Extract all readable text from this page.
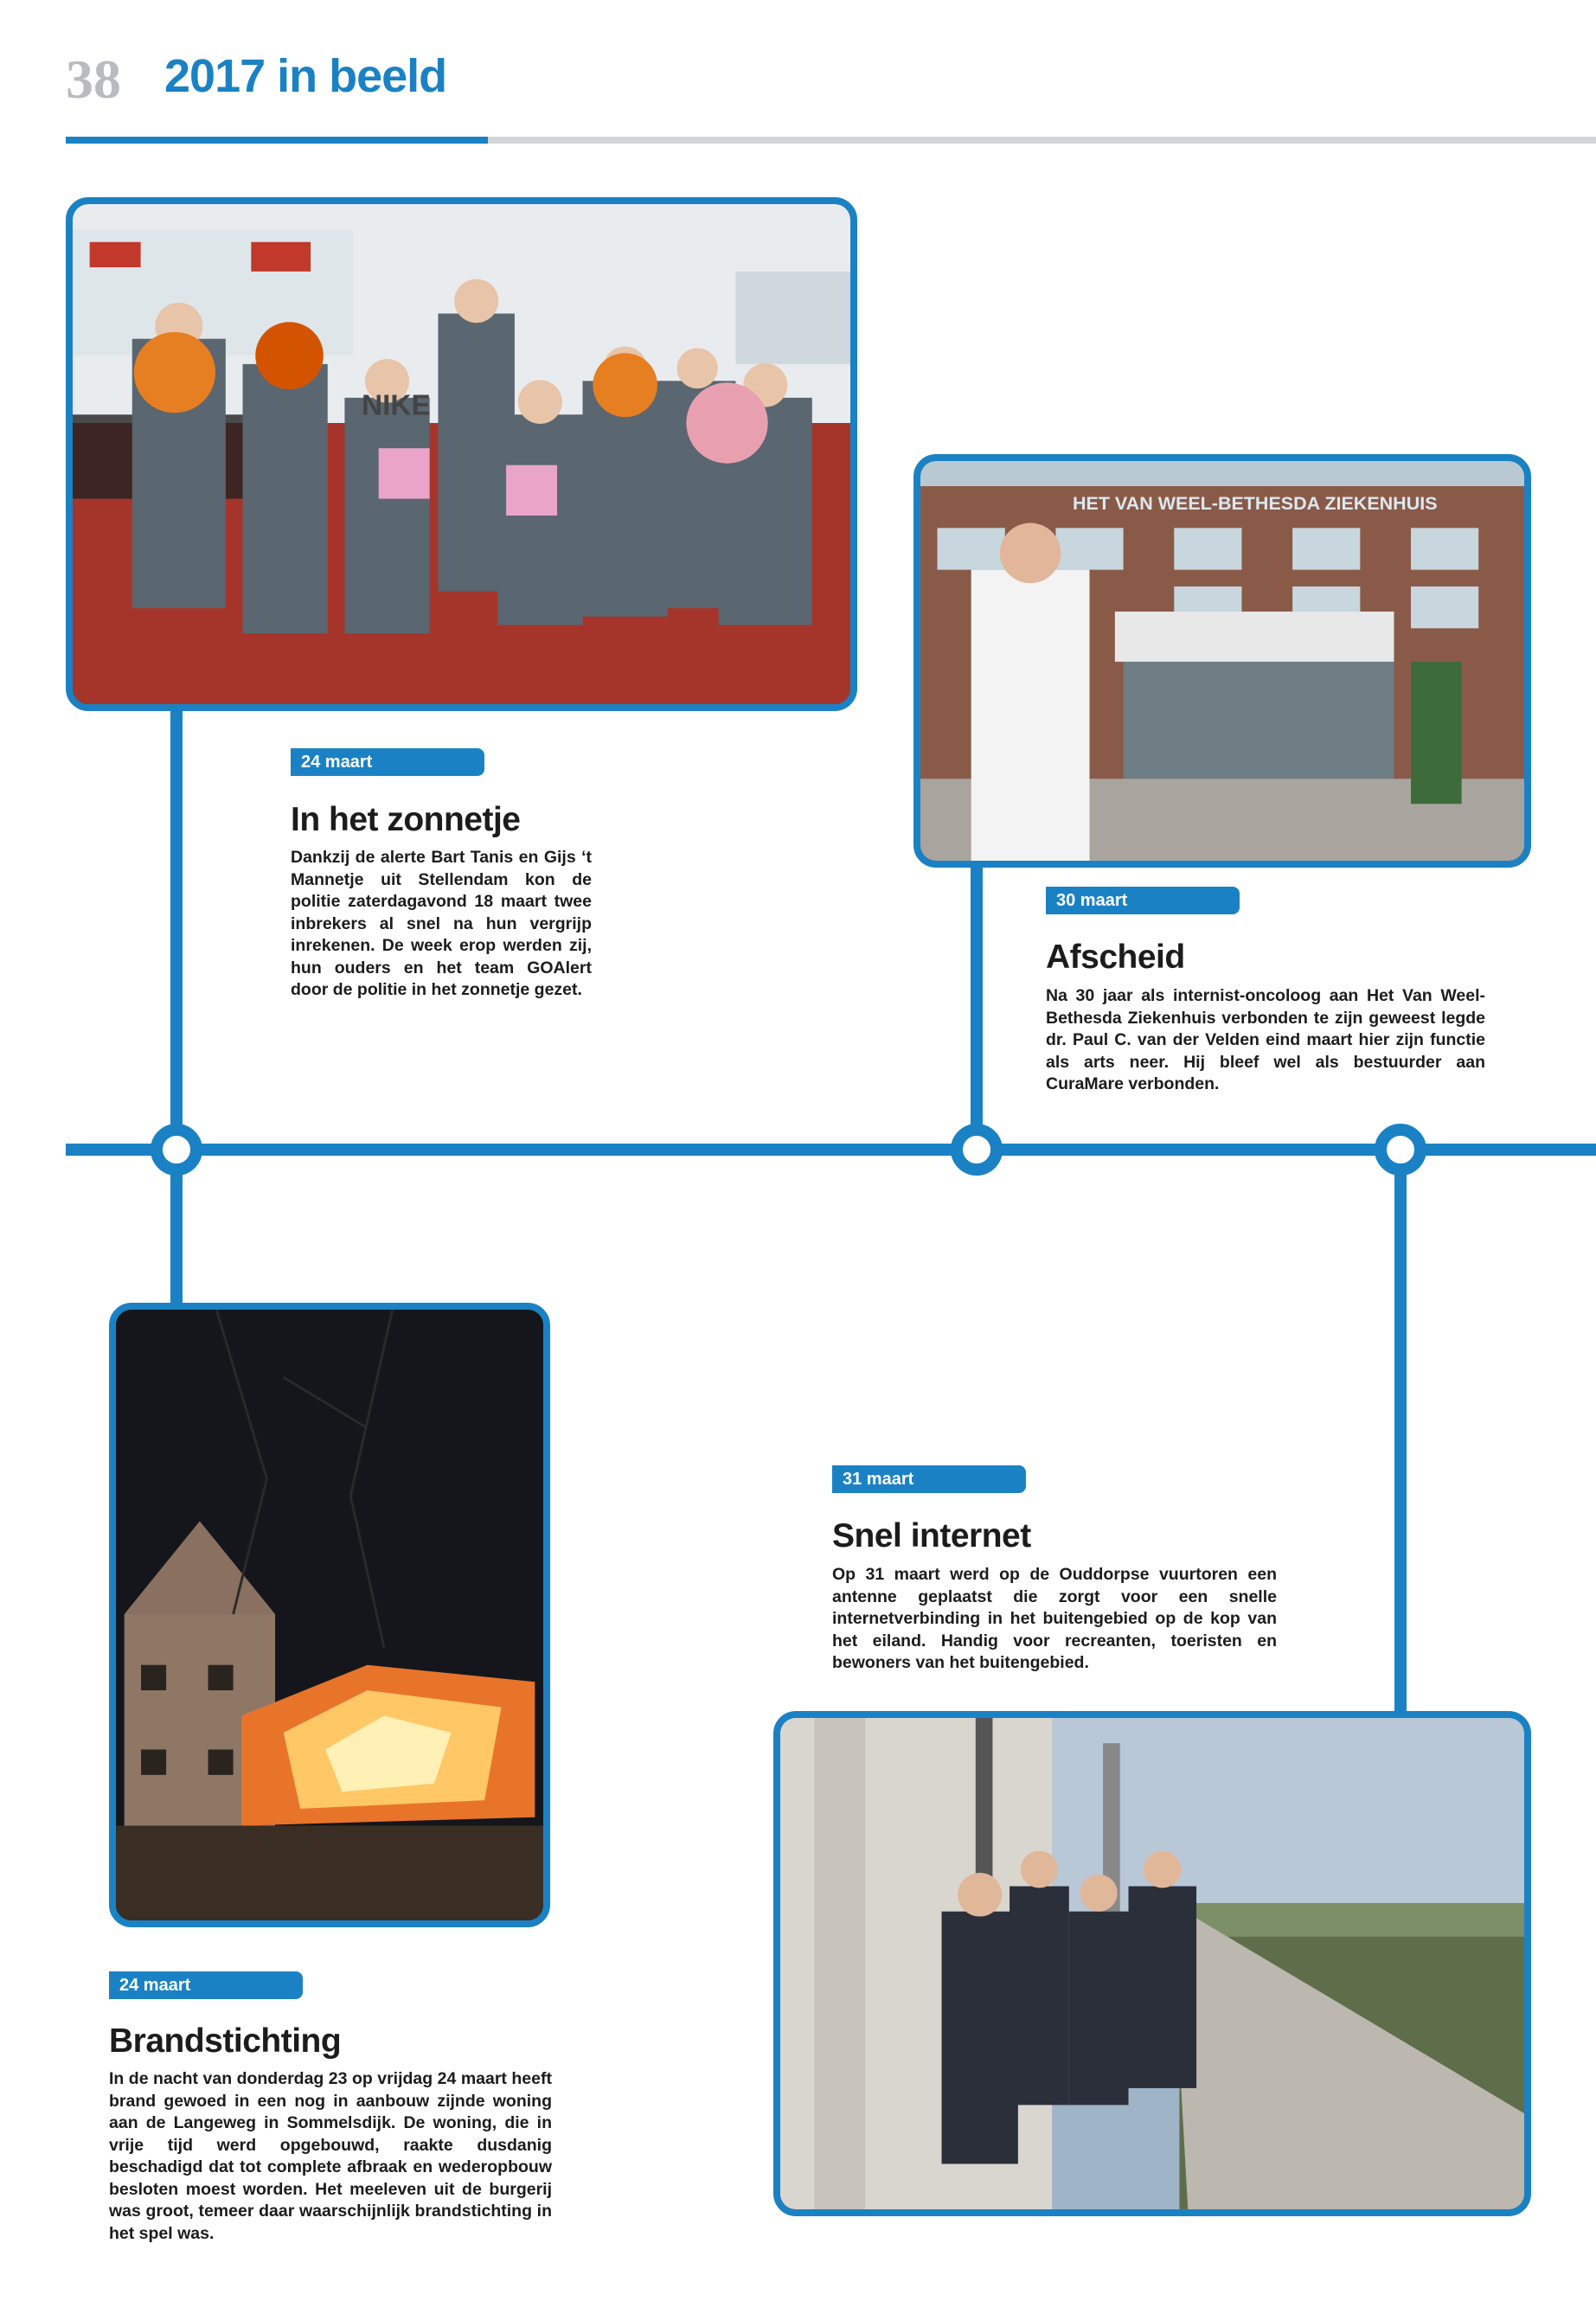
38 2017 in beeld
NIKE
24 maart
In het zonnetje
Dankzij de alerte Bart Tanis en Gijs ‘t Mannetje uit Stellendam kon de politie zaterdagavond 18 maart twee inbrekers al snel na hun vergrijp inrekenen. De week erop werden zij, hun ouders en het team GOAlert door de politie in het zonnetje gezet.
HET VAN WEEL-BETHESDA ZIEKENHUIS
30 maart
Afscheid
Na 30 jaar als internist-oncoloog aan Het Van Weel-Bethesda Ziekenhuis verbonden te zijn geweest legde dr. Paul C. van der Velden eind maart hier zijn functie als arts neer. Hij bleef wel als bestuurder aan CuraMare verbonden.
24 maart
Brandstichting
In de nacht van donderdag 23 op vrijdag 24 maart heeft brand gewoed in een nog in aanbouw zijnde woning aan de Langeweg in Sommelsdijk. De woning, die in vrije tijd werd opgebouwd, raakte dusdanig beschadigd dat tot complete afbraak en wederopbouw besloten moest worden. Het meeleven uit de burgerij was groot, temeer daar waarschijnlijk brandstichting in het spel was.
31 maart
Snel internet
Op 31 maart werd op de Ouddorpse vuurtoren een antenne geplaatst die zorgt voor een snelle internetverbinding in het buitengebied op de kop van het eiland. Handig voor recreanten, toeristen en bewoners van het buitengebied.
